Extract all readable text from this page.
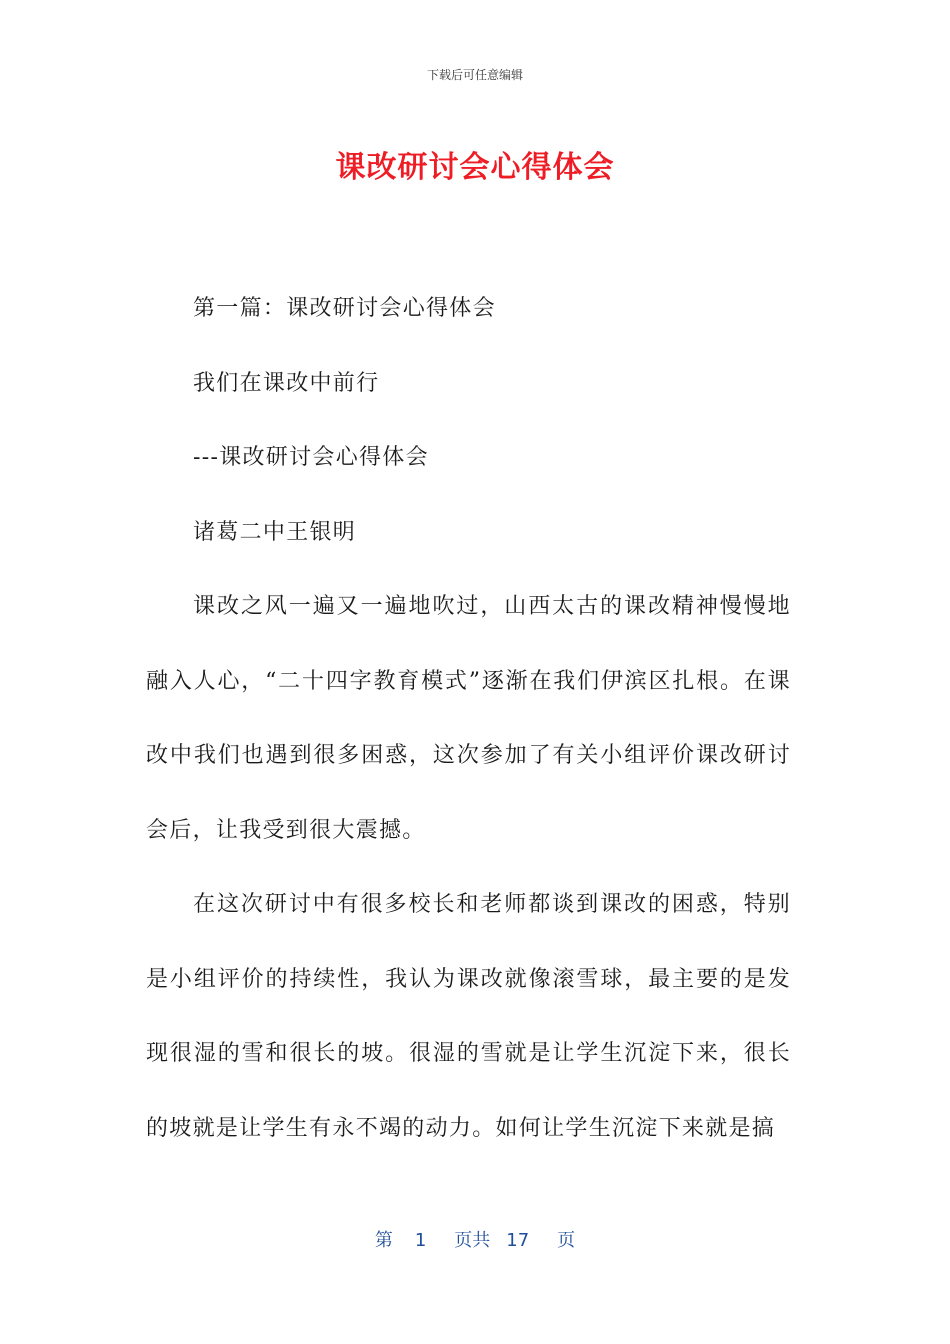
下载后可任意编辑

课改研讨会心得体会

第一篇：课改研讨会心得体会

我们在课改中前行

---课改研讨会心得体会

诸葛二中王银明

课改之风一遍又一遍地吹过，山西太古的课改精神慢慢地融入人心，“二十四字教育模式”逐渐在我们伊滨区扎根。在课改中我们也遇到很多困惑，这次参加了有关小组评价课改研讨会后，让我受到很大震撼。

在这次研讨中有很多校长和老师都谈到课改的困惑，特别是小组评价的持续性，我认为课改就像滚雪球，最主要的是发现很湿的雪和很长的坡。很湿的雪就是让学生沉淀下来，很长的坡就是让学生有永不竭的动力。如何让学生沉淀下来就是搞

第 1 页共 17 页
